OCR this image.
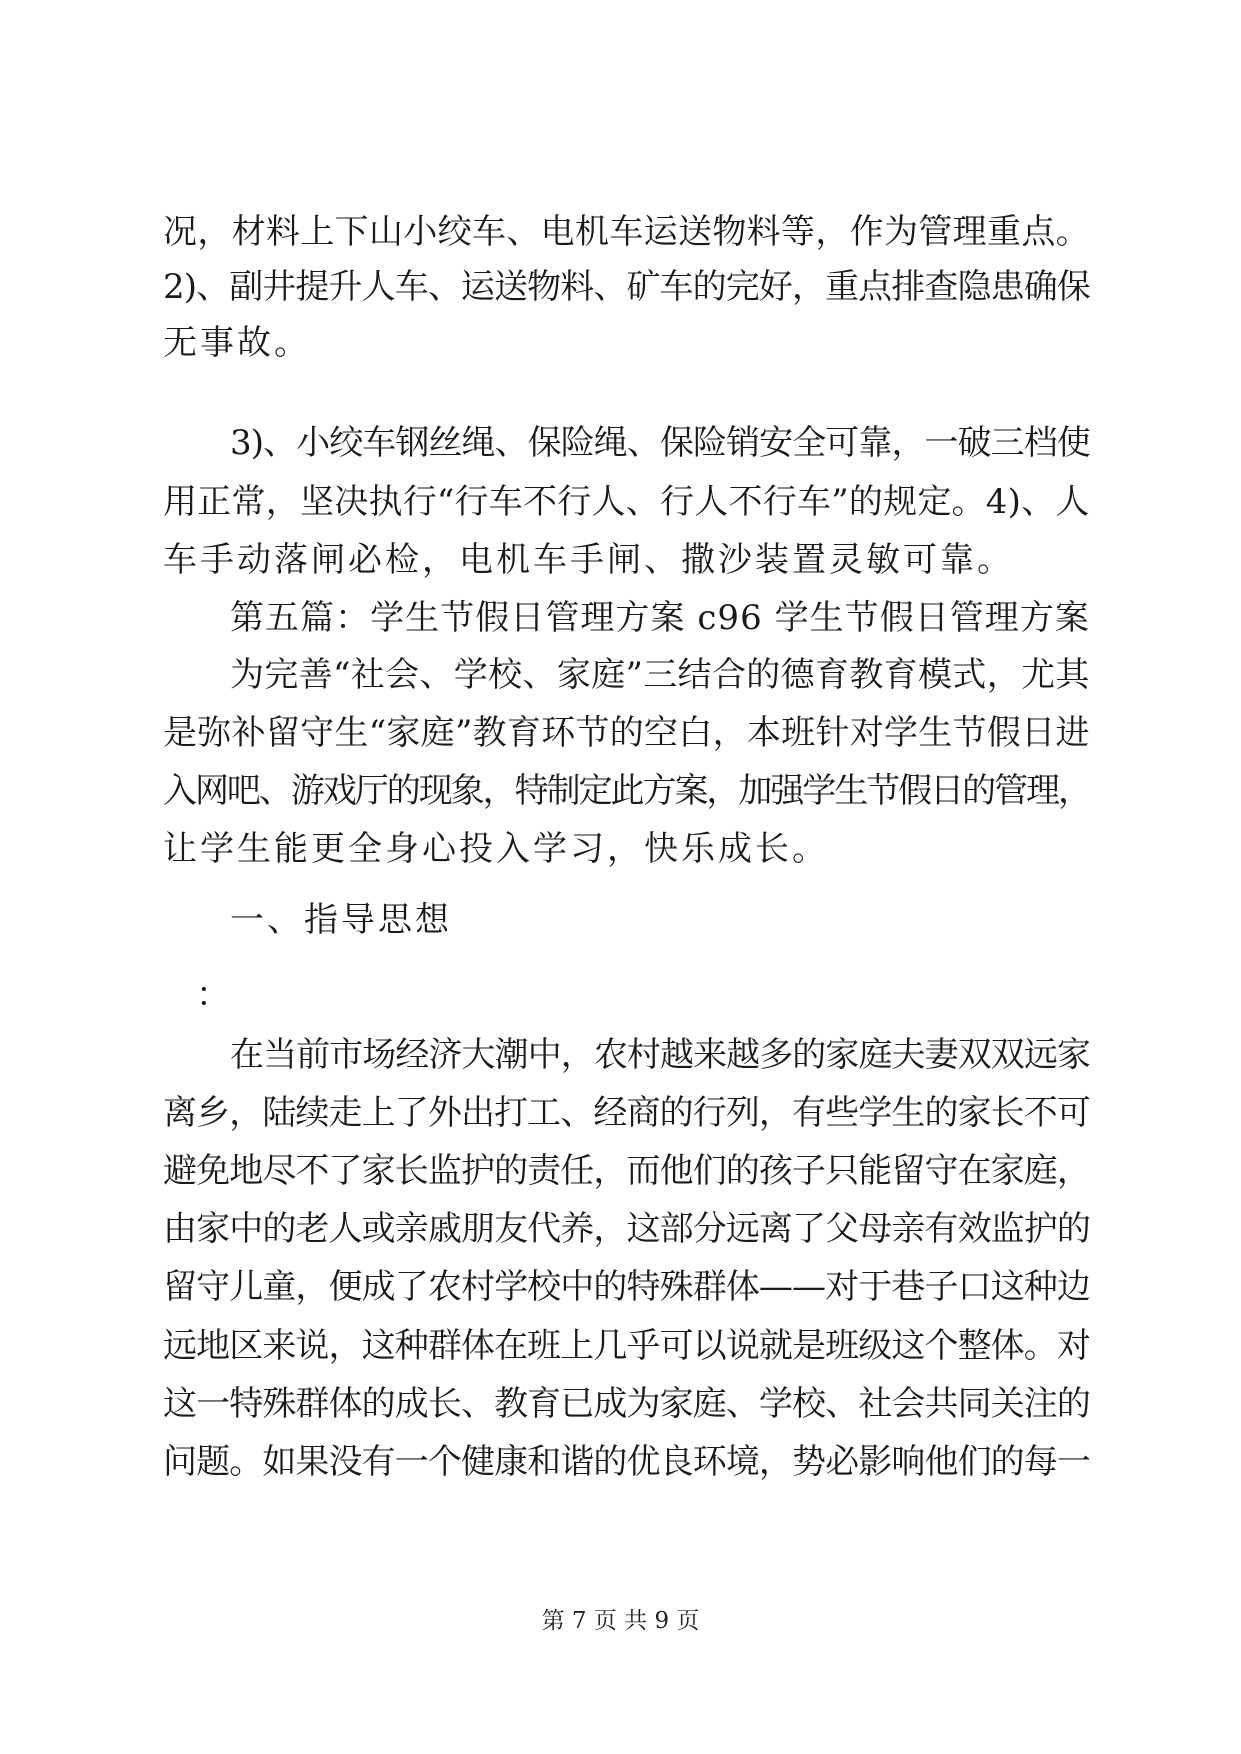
况，材料上下山小绞车、电机车运送物料等，作为管理重点。
2)、副井提升人车、运送物料、矿车的完好，重点排查隐患确保
无事故。
3)、小绞车钢丝绳、保险绳、保险销安全可靠，一破三档使
用正常，坚决执行“行车不行人、行人不行车”的规定。4)、人
车手动落闸必检，电机车手闸、撒沙装置灵敏可靠。
第五篇：学生节假日管理方案 c96 学生节假日管理方案
为完善“社会、学校、家庭”三结合的德育教育模式，尤其
是弥补留守生“家庭”教育环节的空白，本班针对学生节假日进
入网吧、游戏厅的现象，特制定此方案，加强学生节假日的管理，
让学生能更全身心投入学习，快乐成长。
一、指导思想
：
在当前市场经济大潮中，农村越来越多的家庭夫妻双双远家
离乡，陆续走上了外出打工、经商的行列，有些学生的家长不可
避免地尽不了家长监护的责任，而他们的孩子只能留守在家庭，
由家中的老人或亲戚朋友代养，这部分远离了父母亲有效监护的
留守儿童，便成了农村学校中的特殊群体——对于巷子口这种边
远地区来说，这种群体在班上几乎可以说就是班级这个整体。对
这一特殊群体的成长、教育已成为家庭、学校、社会共同关注的
问题。如果没有一个健康和谐的优良环境，势必影响他们的每一
第 7 页 共 9 页
